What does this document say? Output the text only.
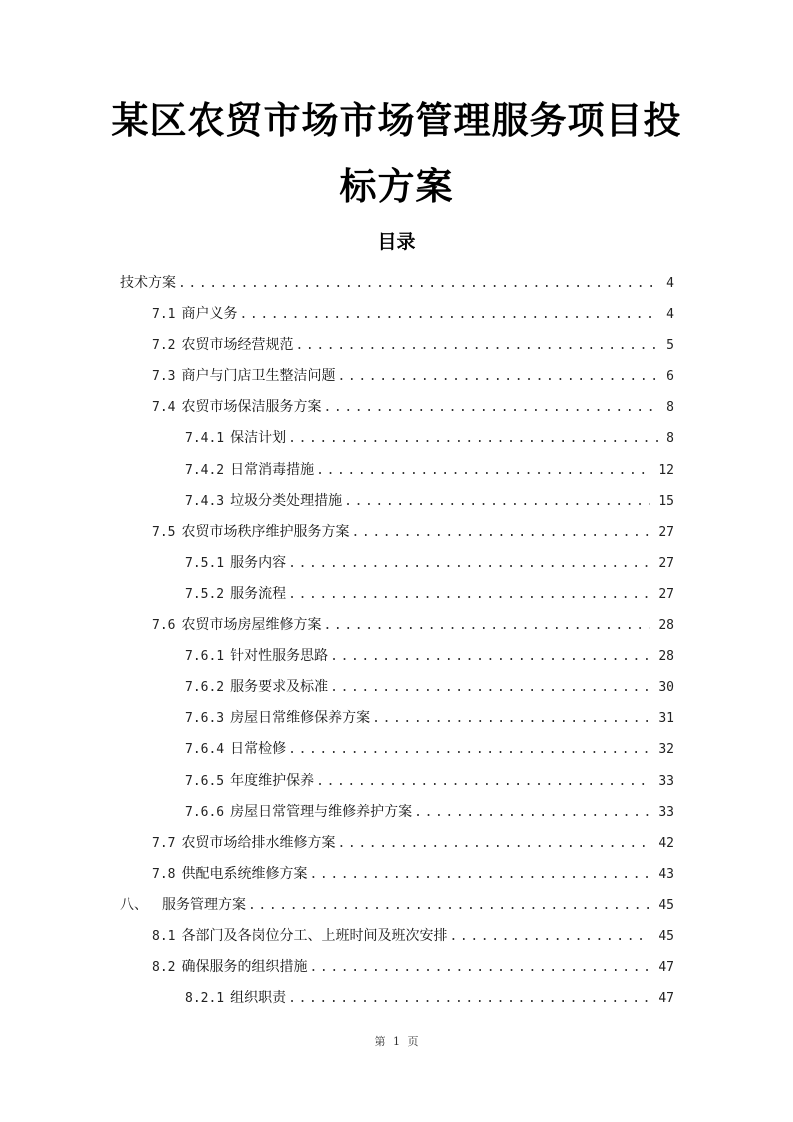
某区农贸市场市场管理服务项目投
标方案
目录
技术方案 .....	4
7.1 商户义务 .....	4
7.2 农贸市场经营规范 .....	5
7.3 商户与门店卫生整洁问题 .....	6
7.4 农贸市场保洁服务方案 .....	8
7.4.1 保洁计划 .....	8
7.4.2 日常消毒措施 .....	12
7.4.3 垃圾分类处理措施 .....	15
7.5 农贸市场秩序维护服务方案 .....	27
7.5.1 服务内容 .....	27
7.5.2 服务流程 .....	27
7.6 农贸市场房屋维修方案 .....	28
7.6.1 针对性服务思路 .....	28
7.6.2 服务要求及标准 .....	30
7.6.3 房屋日常维修保养方案 .....	31
7.6.4 日常检修 .....	32
7.6.5 年度维护保养 .....	33
7.6.6 房屋日常管理与维修养护方案 .....	33
7.7 农贸市场给排水维修方案 .....	42
7.8 供配电系统维修方案 .....	43
八、 服务管理方案 .....	45
8.1 各部门及各岗位分工、上班时间及班次安排 .....	45
8.2 确保服务的组织措施 .....	47
8.2.1 组织职责 .....	47
第 1 页
